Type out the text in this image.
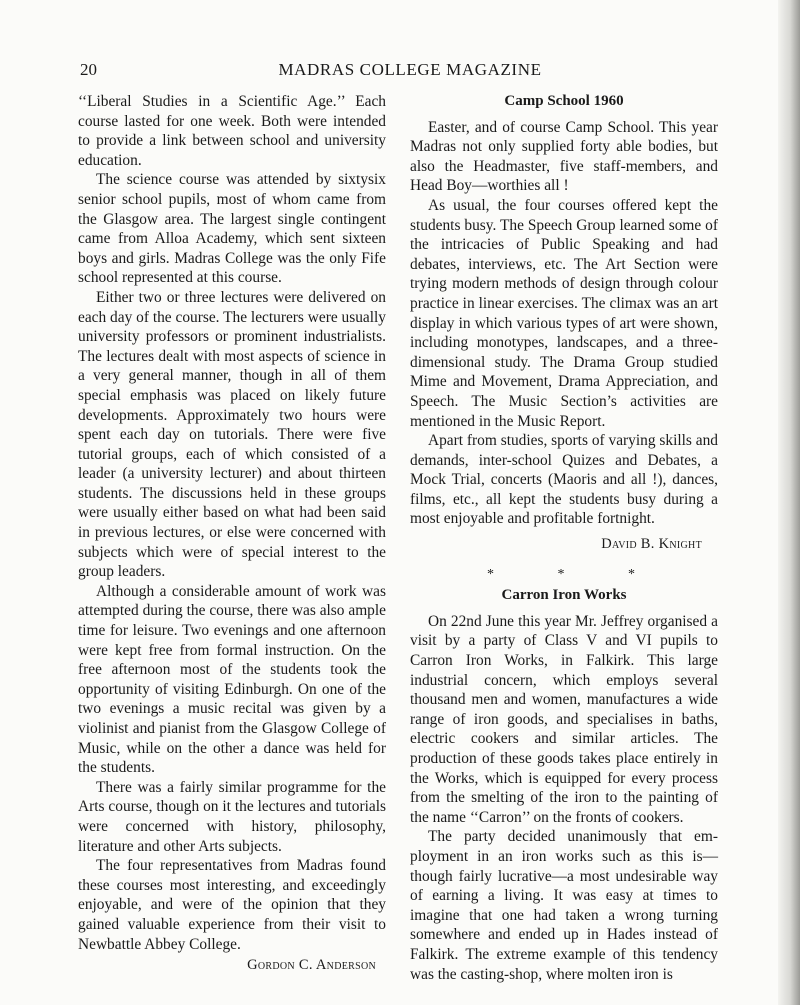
20	MADRAS COLLEGE MAGAZINE

‘‘Liberal Studies in a Scientific Age.’’ Each course lasted for one week. Both were intended to provide a link between school and university education.

The science course was attended by sixtysix senior school pupils, most of whom came from the Glasgow area. The largest single contingent came from Alloa Academy, which sent sixteen boys and girls. Madras College was the only Fife school represented at this course.

Either two or three lectures were delivered on each day of the course. The lecturers were usually university professors or prominent industrialists. The lectures dealt with most aspects of science in a very general manner, though in all of them special emphasis was placed on likely future developments. Approximately two hours were spent each day on tutorials. There were five tutorial groups, each of which consisted of a leader (a university lecturer) and about thirteen students. The discussions held in these groups were usually either based on what had been said in previous lectures, or else were concerned with subjects which were of special interest to the group leaders.

Although a considerable amount of work was attempted during the course, there was also ample time for leisure. Two evenings and one afternoon were kept free from formal instruction. On the free afternoon most of the students took the opportunity of visiting Edinburgh. On one of the two evenings a music recital was given by a violinist and pianist from the Glasgow College of Music, while on the other a dance was held for the students.

There was a fairly similar programme for the Arts course, though on it the lectures and tutorials were concerned with history, philosophy, literature and other Arts subjects.

The four representatives from Madras found these courses most interesting, and exceedingly enjoyable, and were of the opinion that they gained valuable experience from their visit to Newbattle Abbey College.

Gordon C. Anderson
Camp School 1960

Easter, and of course Camp School. This year Madras not only supplied forty able bodies, but also the Headmaster, five staff-members, and Head Boy—worthies all !

As usual, the four courses offered kept the students busy. The Speech Group learned some of the intricacies of Public Speaking and had debates, interviews, etc. The Art Section were trying modern methods of design through colour practice in linear exercises. The climax was an art display in which various types of art were shown, including monotypes, landscapes, and a three-dimensional study. The Drama Group studied Mime and Movement, Drama Appreciation, and Speech. The Music Section’s activities are mentioned in the Music Report.

Apart from studies, sports of varying skills and demands, inter-school Quizes and Debates, a Mock Trial, concerts (Maoris and all !), dances, films, etc., all kept the students busy during a most enjoyable and profitable fortnight.

David B. Knight
* * *
Carron Iron Works

On 22nd June this year Mr. Jeffrey organised a visit by a party of Class V and VI pupils to Carron Iron Works, in Falkirk. This large industrial concern, which employs several thousand men and women, manufactures a wide range of iron goods, and specialises in baths, electric cookers and similar articles. The production of these goods takes place entirely in the Works, which is equipped for every process from the smelting of the iron to the painting of the name ‘‘Carron’’ on the fronts of cookers.

The party decided unanimously that employment in an iron works such as this is—though fairly lucrative—a most undesirable way of earning a living. It was easy at times to imagine that one had taken a wrong turning somewhere and ended up in Hades instead of Falkirk. The extreme example of this tendency was the casting-shop, where molten iron is
